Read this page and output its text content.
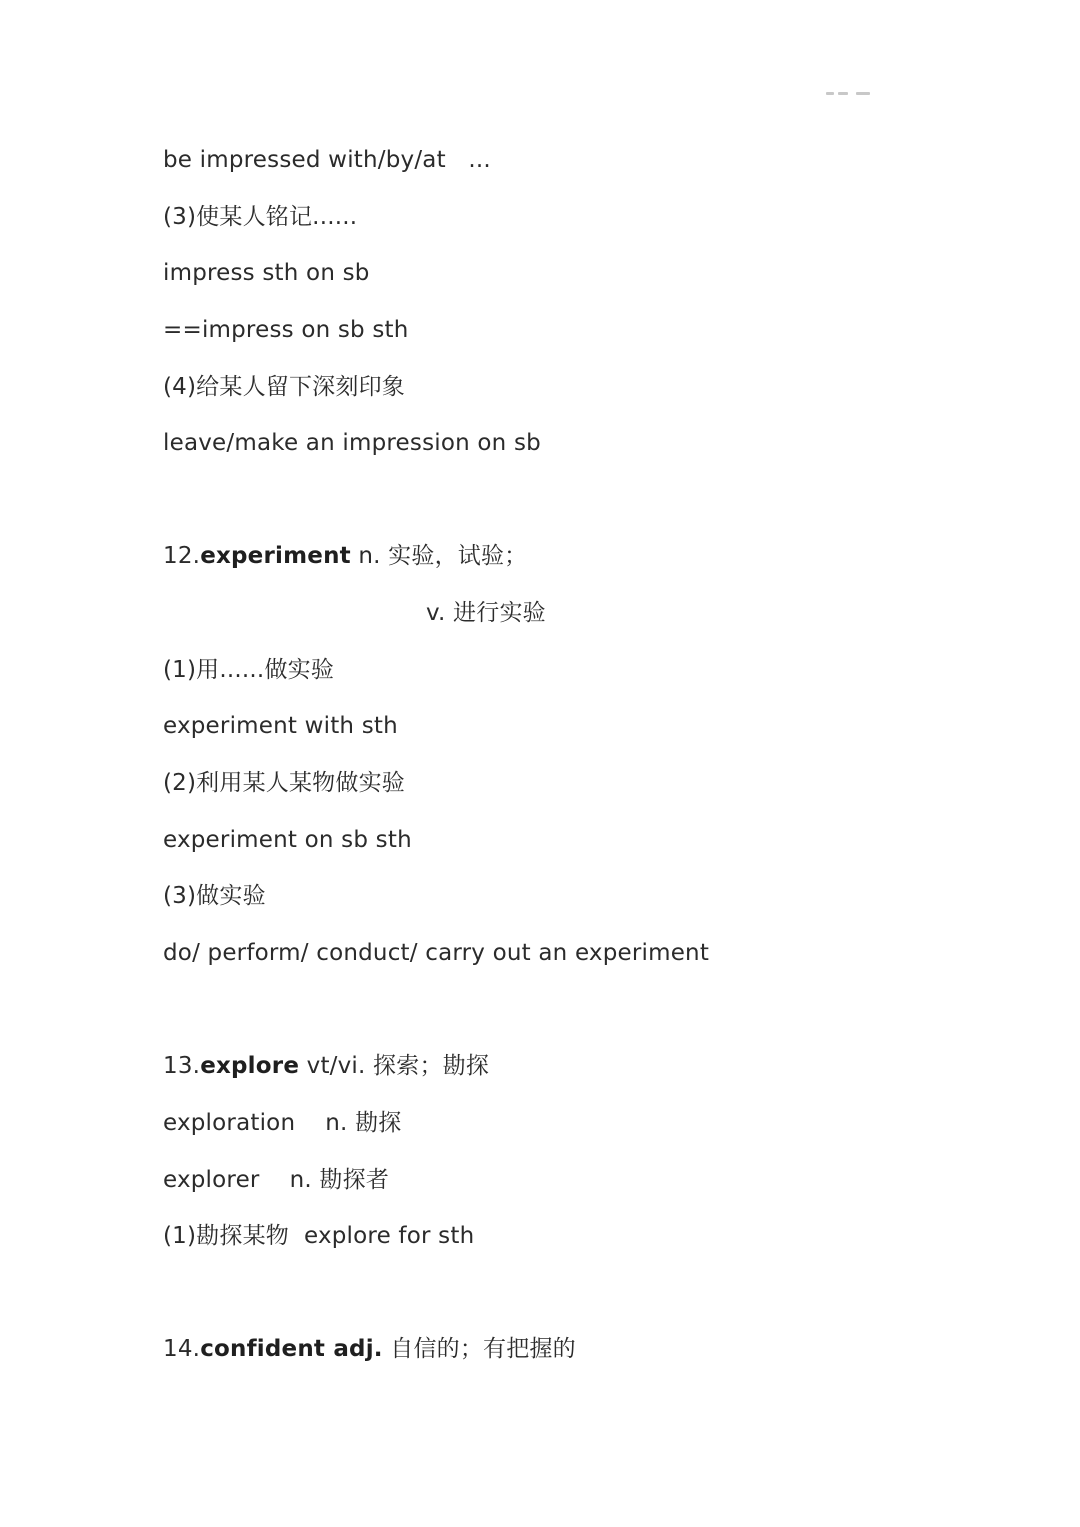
be impressed with/by/at   ...
(3)使某人铭记......
impress sth on sb
==impress on sb sth
(4)给某人留下深刻印象
leave/make an impression on sb
12.experiment n. 实验，试验；
v. 进行实验
(1)用......做实验
experiment with sth
(2)利用某人某物做实验
experiment on sb sth
(3)做实验
do/ perform/ conduct/ carry out an experiment
13.explore vt/vi. 探索；勘探
exploration    n. 勘探
explorer    n. 勘探者
(1)勘探某物  explore for sth
14.confident adj. 自信的；有把握的
